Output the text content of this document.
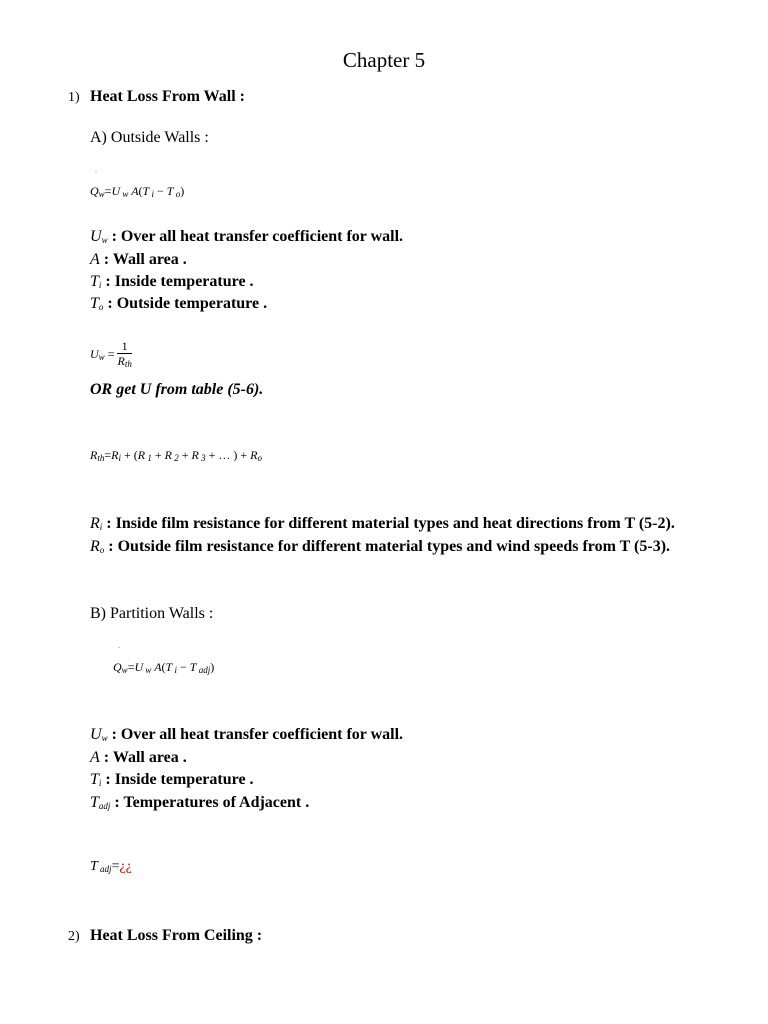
Chapter 5
1) Heat Loss From Wall :
A) Outside Walls :
.
Qw=U w A(T i − T o)
Uw : Over all heat transfer coefficient for wall.
A : Wall area .
Ti : Inside temperature .
To : Outside temperature .
$Uw = \frac{1}{\text{Rth}}$
OR get U from table (5-6).
Rth=Ri + (R 1 + R 2 + R 3 + … ) + Ro
Ri : Inside film resistance for different material types and heat directions from T (5-2).
Ro : Outside film resistance for different material types and wind speeds from T (5-3).
B) Partition Walls :
.
Qw=U w A(T i − T adj)
Uw : Over all heat transfer coefficient for wall.
A : Wall area .
Ti : Inside temperature .
Tadj : Temperatures of Adjacent .
T adj=¿¿
2) Heat Loss From Ceiling :
